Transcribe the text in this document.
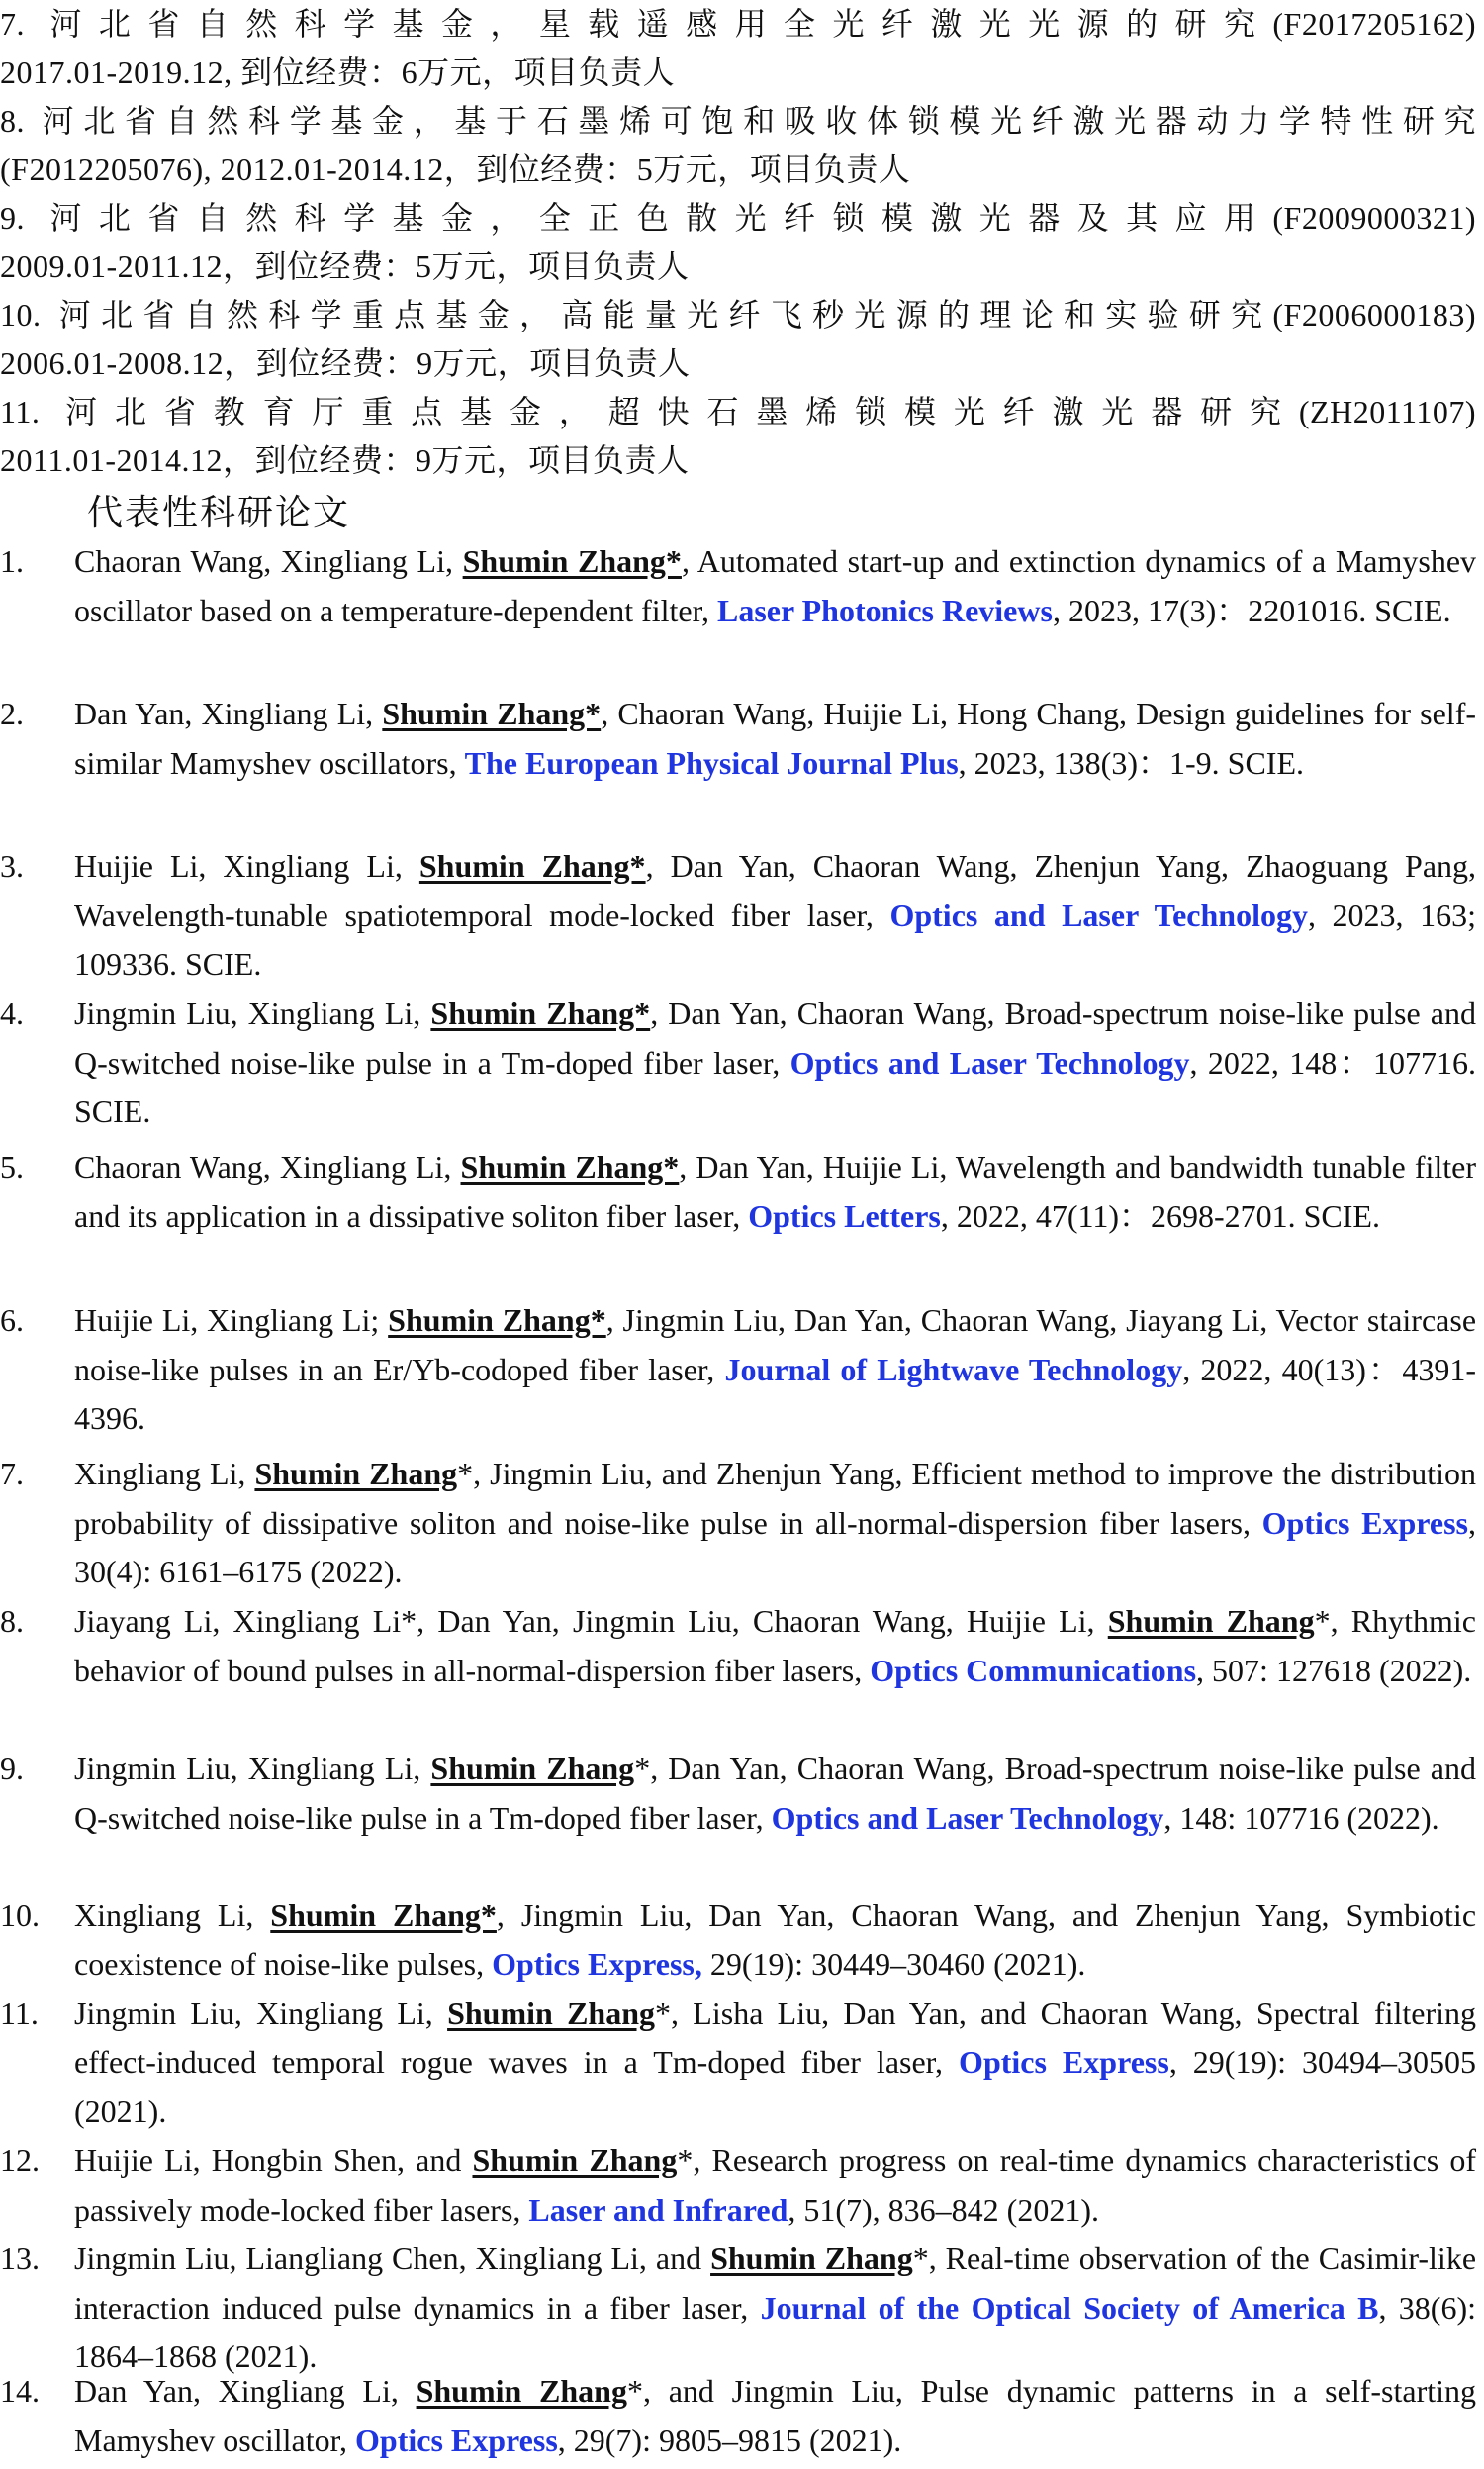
7. 河北省自然科学基金，星载遥感用全光纤激光光源的研究(F2017205162)
2017.01-2019.12, 到位经费：6万元，项目负责人
8. 河北省自然科学基金，基于石墨烯可饱和吸收体锁模光纤激光器动力学特性研究
(F2012205076), 2012.01-2014.12，到位经费：5万元，项目负责人
9. 河北省自然科学基金，全正色散光纤锁模激光器及其应用(F2009000321)
2009.01-2011.12，到位经费：5万元，项目负责人
10. 河北省自然科学重点基金，高能量光纤飞秒光源的理论和实验研究(F2006000183)
2006.01-2008.12，到位经费：9万元，项目负责人
11. 河北省教育厅重点基金，超快石墨烯锁模光纤激光器研究(ZH2011107)
2011.01-2014.12，到位经费：9万元，项目负责人
代表性科研论文
1.	Chaoran Wang, Xingliang Li, Shumin Zhang*, Automated start-up and extinction dynamics of a Mamyshev oscillator based on a temperature-dependent filter, Laser Photonics Reviews, 2023, 17(3)：2201016. SCIE.
2.	Dan Yan, Xingliang Li, Shumin Zhang*, Chaoran Wang, Huijie Li, Hong Chang, Design guidelines for self-similar Mamyshev oscillators, The European Physical Journal Plus, 2023, 138(3)：1-9. SCIE.
3.	Huijie Li, Xingliang Li, Shumin Zhang*, Dan Yan, Chaoran Wang, Zhenjun Yang, Zhaoguang Pang, Wavelength-tunable spatiotemporal mode-locked fiber laser, Optics and Laser Technology, 2023, 163; 109336. SCIE.
4.	Jingmin Liu, Xingliang Li, Shumin Zhang*, Dan Yan, Chaoran Wang, Broad-spectrum noise-like pulse and Q-switched noise-like pulse in a Tm-doped fiber laser, Optics and Laser Technology, 2022, 148：107716. SCIE.
5.	Chaoran Wang, Xingliang Li, Shumin Zhang*, Dan Yan, Huijie Li, Wavelength and bandwidth tunable filter and its application in a dissipative soliton fiber laser, Optics Letters, 2022, 47(11)：2698-2701. SCIE.
6.	Huijie Li, Xingliang Li; Shumin Zhang*, Jingmin Liu, Dan Yan, Chaoran Wang, Jiayang Li, Vector staircase noise-like pulses in an Er/Yb-codoped fiber laser, Journal of Lightwave Technology, 2022, 40(13)：4391-4396.
7.	Xingliang Li, Shumin Zhang*, Jingmin Liu, and Zhenjun Yang, Efficient method to improve the distribution probability of dissipative soliton and noise-like pulse in all-normal-dispersion fiber lasers, Optics Express, 30(4): 6161–6175 (2022).
8.	Jiayang Li, Xingliang Li*, Dan Yan, Jingmin Liu, Chaoran Wang, Huijie Li, Shumin Zhang*, Rhythmic behavior of bound pulses in all-normal-dispersion fiber lasers, Optics Communications, 507: 127618 (2022).
9.	Jingmin Liu, Xingliang Li, Shumin Zhang*, Dan Yan, Chaoran Wang, Broad-spectrum noise-like pulse and Q-switched noise-like pulse in a Tm-doped fiber laser, Optics and Laser Technology, 148: 107716 (2022).
10.	Xingliang Li, Shumin Zhang*, Jingmin Liu, Dan Yan, Chaoran Wang, and Zhenjun Yang, Symbiotic coexistence of noise-like pulses, Optics Express, 29(19): 30449–30460 (2021).
11.	Jingmin Liu, Xingliang Li, Shumin Zhang*, Lisha Liu, Dan Yan, and Chaoran Wang, Spectral filtering effect-induced temporal rogue waves in a Tm-doped fiber laser, Optics Express, 29(19): 30494–30505 (2021).
12.	Huijie Li, Hongbin Shen, and Shumin Zhang*, Research progress on real-time dynamics characteristics of passively mode-locked fiber lasers, Laser and Infrared, 51(7), 836–842 (2021).
13.	Jingmin Liu, Liangliang Chen, Xingliang Li, and Shumin Zhang*, Real-time observation of the Casimir-like interaction induced pulse dynamics in a fiber laser, Journal of the Optical Society of America B, 38(6): 1864–1868 (2021).
14.	Dan Yan, Xingliang Li, Shumin Zhang*, and Jingmin Liu, Pulse dynamic patterns in a self-starting Mamyshev oscillator, Optics Express, 29(7): 9805–9815 (2021).
